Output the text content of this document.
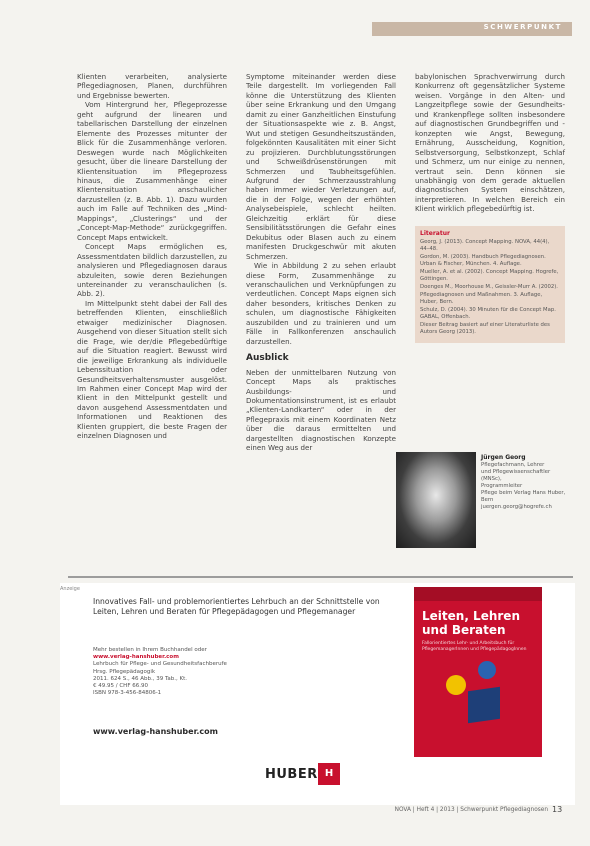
SCHWERPUNKT

Klienten verarbeiten, analysierte Pflegediagnosen, Planen, durchführen und Ergebnisse bewerten.

Vom Hintergrund her, Pflegeprozesse geht aufgrund der linearen und tabellarischen Darstellung der einzelnen Elemente des Prozesses mitunter der Blick für die Zusammenhänge verloren. Deswegen wurde nach Möglichkeiten gesucht, über die lineare Darstellung der Klientensituation im Pflegeprozess hinaus, die Zusammenhänge einer Klientensituation anschaulicher darzustellen (z. B. Abb. 1). Dazu wurden auch im Falle auf Techniken des „Mind-Mappings“, „Clusterings“ und der „Concept-Map-Methode“ zurückgegriffen. Concept Maps entwickelt.

Concept Maps ermöglichen es, Assessmentdaten bildlich darzustellen, zu analysieren und Pflegediagnosen daraus abzuleiten, sowie deren Beziehungen untereinander zu veranschaulichen (s. Abb. 2).

Im Mittelpunkt steht dabei der Fall des betreffenden Klienten, einschließlich etwaiger medizinischer Diagnosen. Ausgehend von dieser Situation stellt sich die Frage, wie der/die Pflegebedürftige auf die Situation reagiert. Bewusst wird die jeweilige Erkrankung als individuelle Lebenssituation oder Gesundheitsverhaltensmuster ausgelöst. Im Rahmen einer Concept Map wird der Klient in den Mittelpunkt gestellt und davon ausgehend Assessmentdaten und Informationen und Reaktionen des Klienten gruppiert, die beste Fragen der einzelnen Diagnosen und

Symptome miteinander werden diese Teile dargestellt. Im vorliegenden Fall könne die Unterstützung des Klienten über seine Erkrankung und den Umgang damit zu einer Ganzheitlichen Einstufung der Situationsaspekte wie z. B. Angst, Wut und stetigen Gesundheitszuständen, folgekönnten Kausalitäten mit einer Sicht zu projizieren. Durchblutungsstörungen und Schweißdrüsenstörungen mit Schmerzen und Taubheitsgefühlen. Aufgrund der Schmerzausstrahlung haben immer wieder Verletzungen auf, die in der Folge, wegen der erhöhten Analysebeispiele, schlecht heilten. Gleichzeitig erklärt für diese Sensibilitätsstörungen die Gefahr eines Dekubitus oder Blasen auch zu einem manifesten Druckgeschwür mit akuten Schmerzen.

Wie in Abbildung 2 zu sehen erlaubt diese Form, Zusammenhänge zu veranschaulichen und Verknüpfungen zu verdeutlichen. Concept Maps eignen sich daher besonders, kritisches Denken zu schulen, um diagnostische Fähigkeiten auszubilden und zu trainieren und um Fälle in Fallkonferenzen anschaulich darzustellen.

Ausblick

Neben der unmittelbaren Nutzung von Concept Maps als praktisches Ausbildungs- und Dokumentationsinstrument, ist es erlaubt „Klienten-Landkarten“ oder in der Pflegepraxis mit einem Koordinaten Netz über die daraus ermittelten und dargestellten diagnostischen Konzepte einen Weg aus der

babylonischen Sprachverwirrung durch Konkurrenz oft gegensätzlicher Systeme weisen. Vorgänge in den Alten- und Langzeitpflege sowie der Gesundheits- und Krankenpflege sollten insbesondere auf diagnostischen Grundbegriffen und -konzepten wie Angst, Bewegung, Ernährung, Ausscheidung, Kognition, Selbstversorgung, Selbstkonzept, Schlaf und Schmerz, um nur einige zu nennen, vertraut sein. Denn können sie unabhängig von dem gerade aktuellen diagnostischen System einschätzen, interpretieren. In welchen Bereich ein Klient wirklich pflegebedürftig ist.

Literatur
Georg, J. (2013). Concept Mapping. NOVA, 44(4), 44–48.
Gordon, M. (2003). Handbuch Pflegediagnosen. Urban & Fischer, München. 4. Auflage.
Mueller, A. et al. (2002). Concept Mapping. Hogrefe, Göttingen.
Doenges M., Moorhouse M., Geissler-Murr A. (2002). Pflegediagnosen und Maßnahmen. 3. Auflage, Huber, Bern.
Schulz, D. (2004). 30 Minuten für die Concept Map. GABAL, Offenbach.
Dieser Beitrag basiert auf einer Literaturliste des Autors Georg (2013).
Jürgen Georg
Pflegefachmann, Lehrer
und Pflegewissenschaftler
(MNSc),
Programmleiter
Pflege beim Verlag Hans Huber,
Bern
juergen.georg@hogrefe.ch
Anzeige
Innovatives Fall- und problemorientiertes Lehrbuch an der Schnittstelle von Leiten, Lehren und Beraten für Pflegepädagogen und Pflegemanager
Mehr bestellen in Ihrem Buchhandel oder
www.verlag-hanshuber.com
Lehrbuch für Pflege- und Gesundheitsfachberufe
Hrsg. Pflegepädagogik
2011. 624 S., 46 Abb., 39 Tab., Kt.
€ 49.95 / CHF 66.90
ISBN 978-3-456-84806-1
www.verlag-hanshuber.com
HUBER H
Leiten, Lehren
und Beraten
Fallorientiertes Lehr- und Arbeitsbuch für PflegemanagerInnen und PflegepädagogInnen
NOVA | Heft 4 | 2013 | Schwerpunkt Pflegediagnosen 13
